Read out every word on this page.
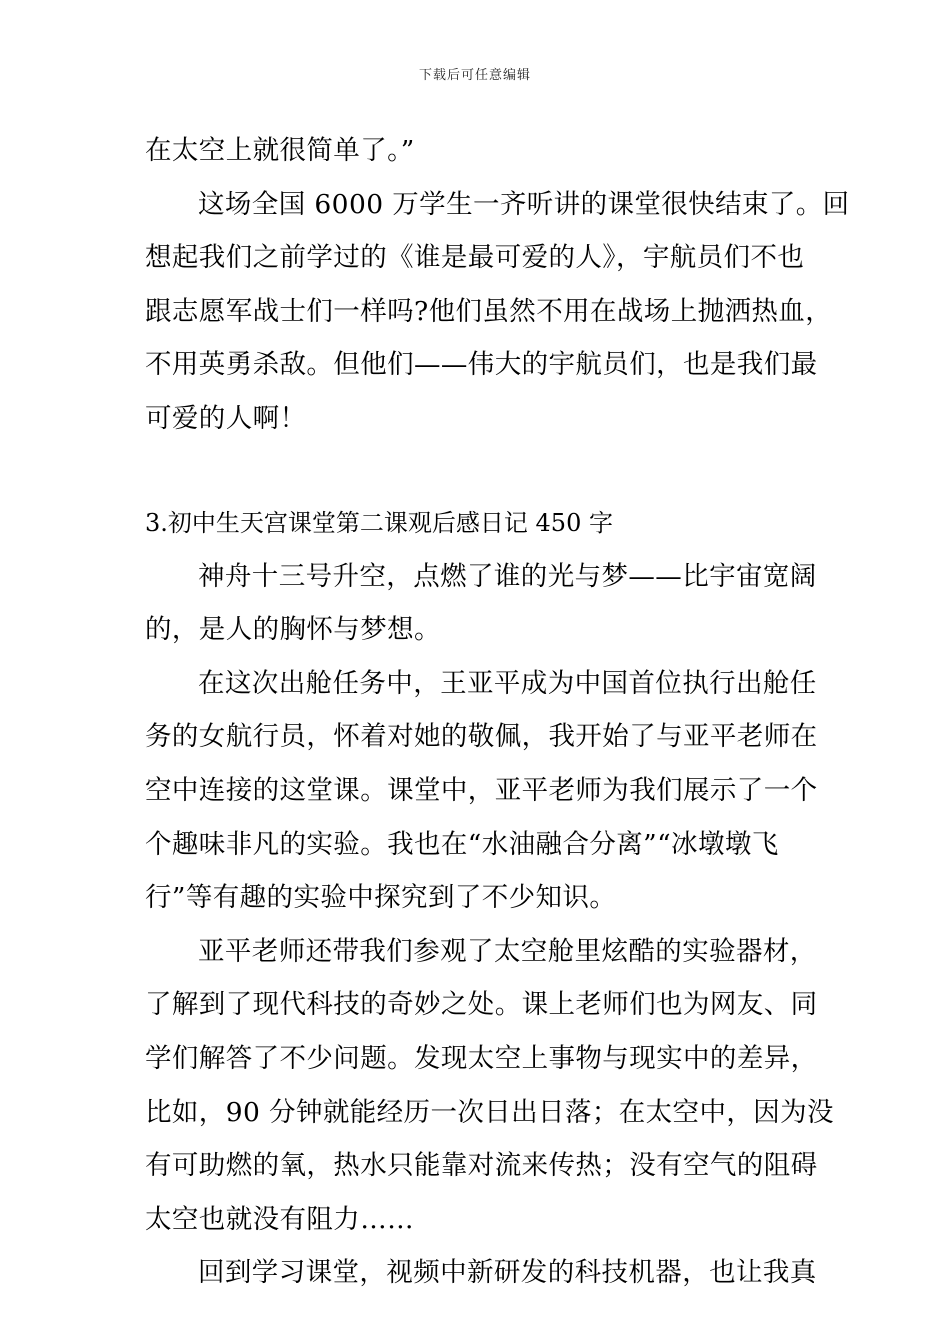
下载后可任意编辑
在太空上就很简单了。”
这场全国 6000 万学生一齐听讲的课堂很快结束了。回
想起我们之前学过的《谁是最可爱的人》，宇航员们不也
跟志愿军战士们一样吗?他们虽然不用在战场上抛洒热血，
不用英勇杀敌。但他们——伟大的宇航员们，也是我们最
可爱的人啊！
3.初中生天宫课堂第二课观后感日记 450 字
神舟十三号升空，点燃了谁的光与梦——比宇宙宽阔
的，是人的胸怀与梦想。
在这次出舱任务中，王亚平成为中国首位执行出舱任
务的女航行员，怀着对她的敬佩，我开始了与亚平老师在
空中连接的这堂课。课堂中，亚平老师为我们展示了一个
个趣味非凡的实验。我也在“水油融合分离”“冰墩墩飞
行”等有趣的实验中探究到了不少知识。
亚平老师还带我们参观了太空舱里炫酷的实验器材，
了解到了现代科技的奇妙之处。课上老师们也为网友、同
学们解答了不少问题。发现太空上事物与现实中的差异，
比如，90 分钟就能经历一次日出日落；在太空中，因为没
有可助燃的氧，热水只能靠对流来传热；没有空气的阻碍
太空也就没有阻力……
回到学习课堂，视频中新研发的科技机器，也让我真
